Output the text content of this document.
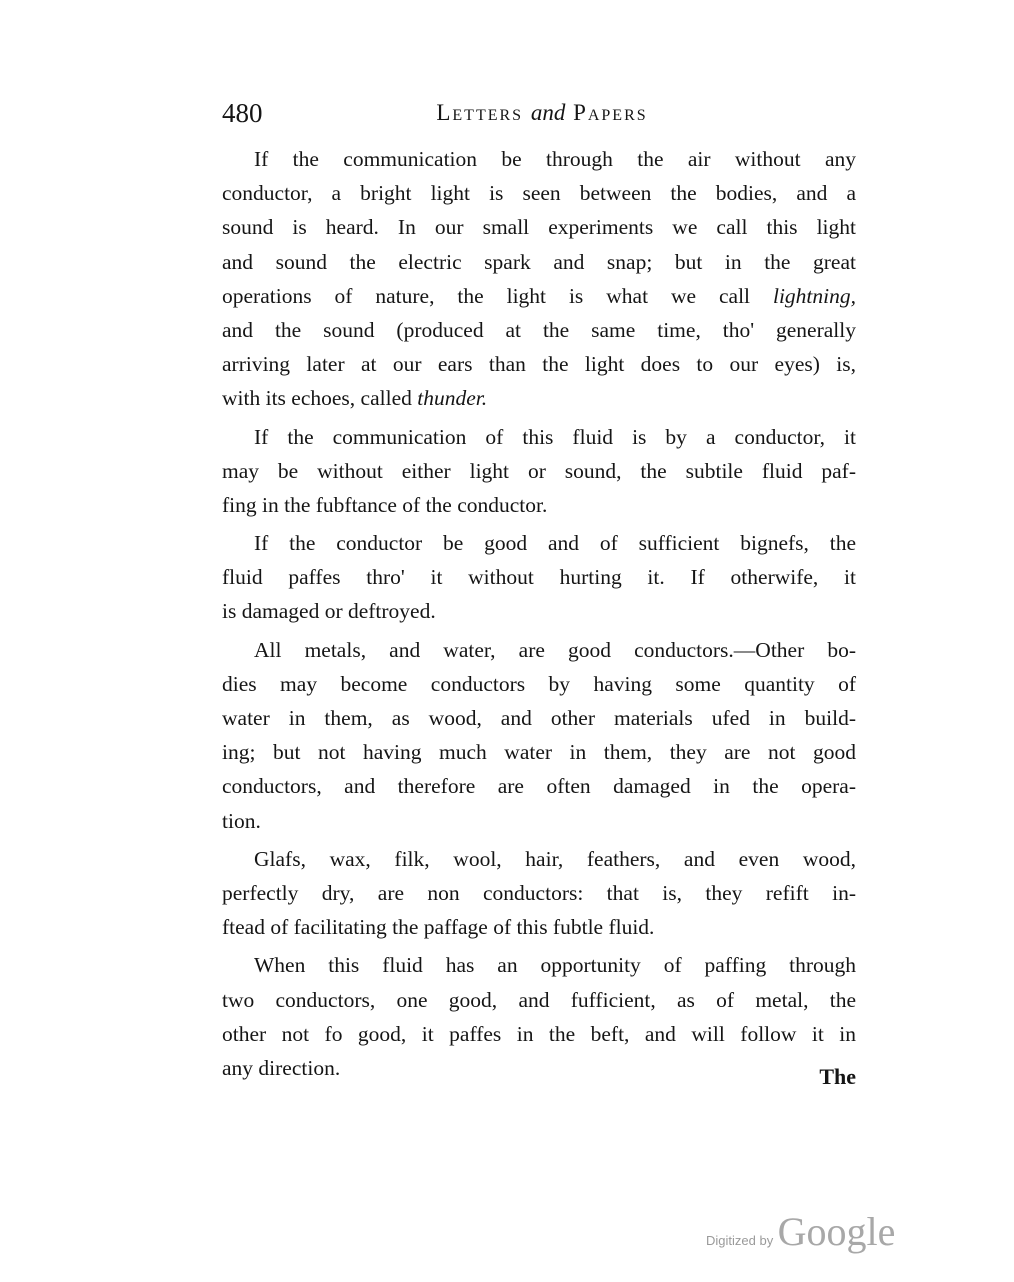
480	Letters and Papers
If the communication be through the air without any
conductor, a bright light is seen between the bodies, and a
sound is heard. In our small experiments we call this light
and sound the electric spark and snap; but in the great
operations of nature, the light is what we call lightning,
and the sound (produced at the same time, tho' generally
arriving later at our ears than the light does to our eyes) is,
with its echoes, called thunder.
If the communication of this fluid is by a conductor, it
may be without either light or sound, the subtile fluid paf-
fing in the fubftance of the conductor.
If the conductor be good and of sufficient bignefs, the
fluid paffes thro' it without hurting it. If otherwife, it
is damaged or deftroyed.
All metals, and water, are good conductors.—Other bo-
dies may become conductors by having some quantity of
water in them, as wood, and other materials ufed in build-
ing; but not having much water in them, they are not good
conductors, and therefore are often damaged in the opera-
tion.
Glafs, wax, filk, wool, hair, feathers, and even wood,
perfectly dry, are non conductors: that is, they refift in-
ftead of facilitating the paffage of this fubtle fluid.
When this fluid has an opportunity of paffing through
two conductors, one good, and fufficient, as of metal, the
other not fo good, it paffes in the beft, and will follow it in
any direction.	The
Digitized by Google
